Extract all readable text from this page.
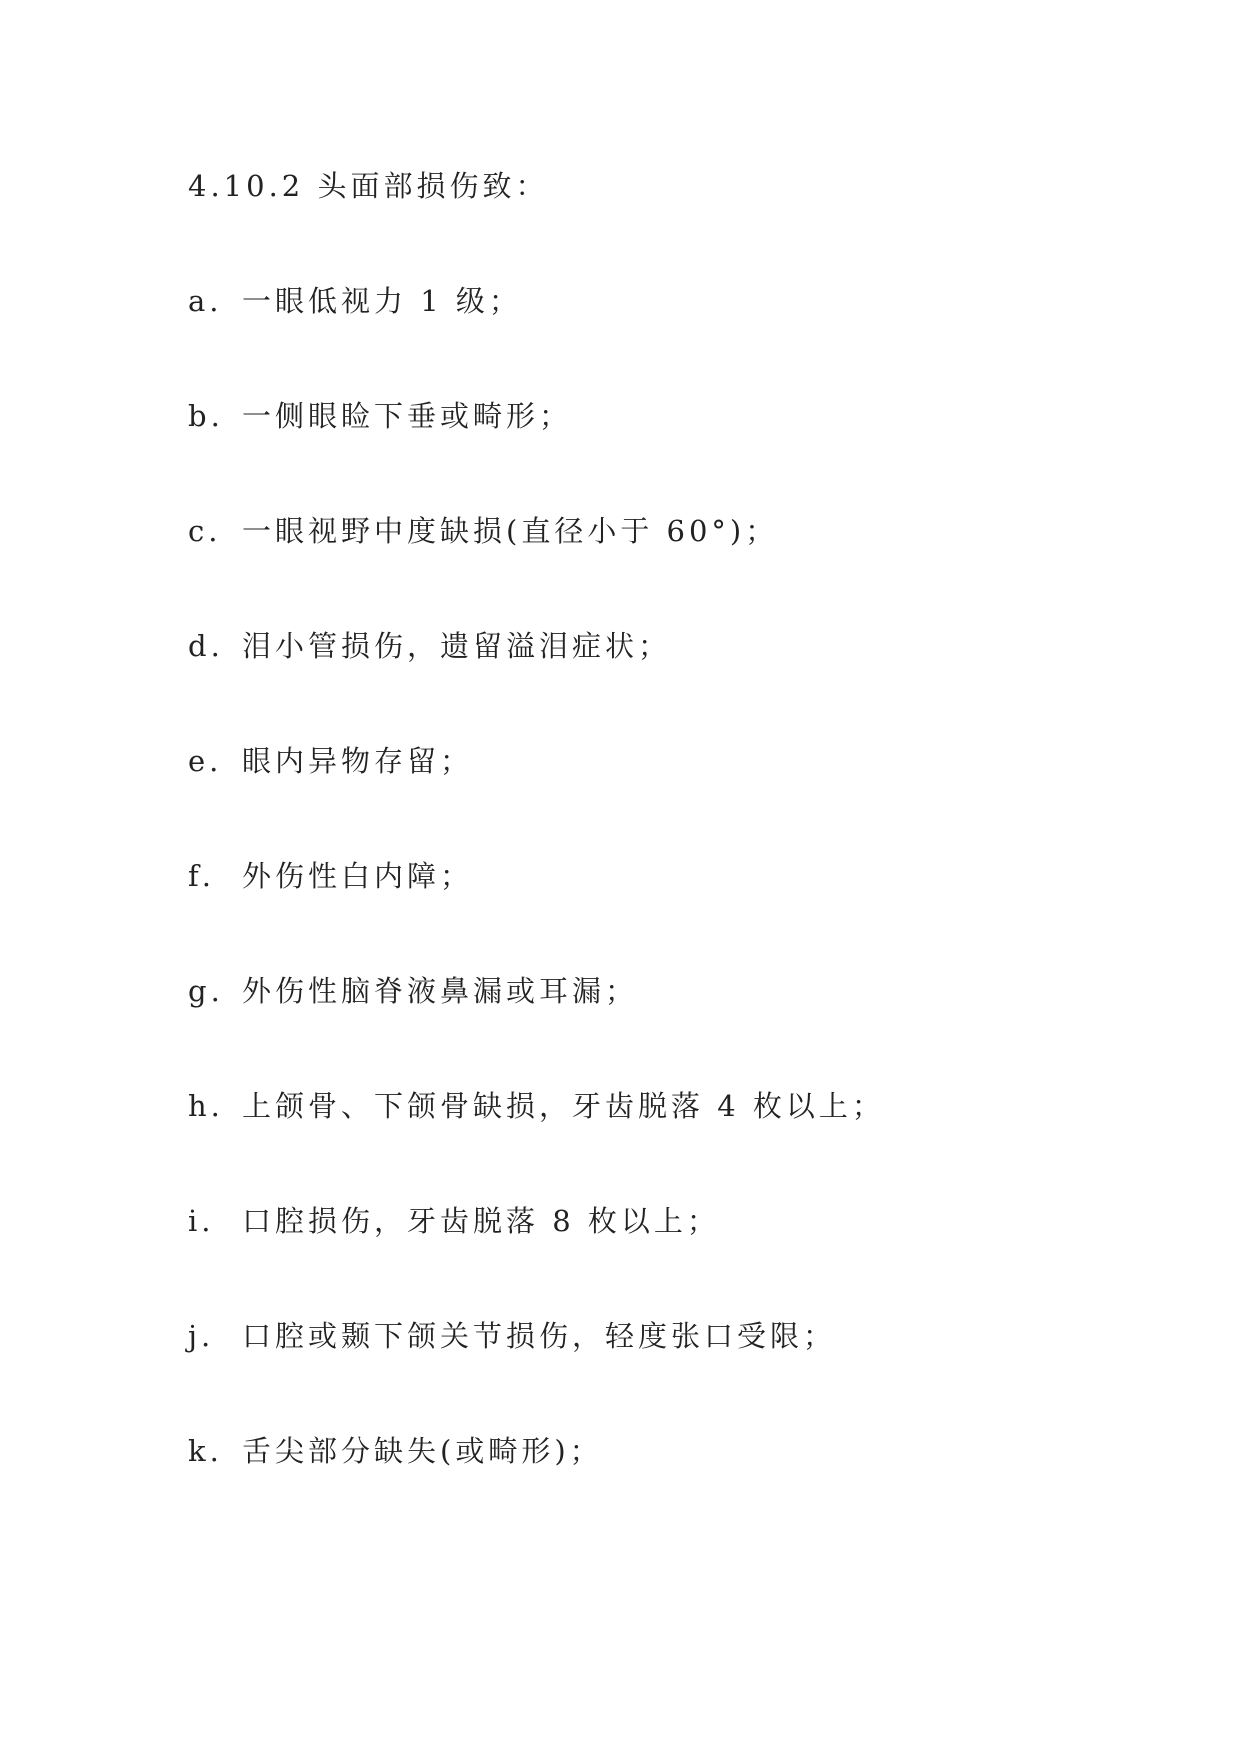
4.10.2 头面部损伤致：
a. 一眼低视力 1 级；
b. 一侧眼睑下垂或畸形；
c. 一眼视野中度缺损(直径小于 60°)；
d. 泪小管损伤，遗留溢泪症状；
e. 眼内异物存留；
f. 外伤性白内障；
g. 外伤性脑脊液鼻漏或耳漏；
h. 上颌骨、下颌骨缺损，牙齿脱落 4 枚以上；
i. 口腔损伤，牙齿脱落 8 枚以上；
j. 口腔或颞下颌关节损伤，轻度张口受限；
k. 舌尖部分缺失(或畸形)；
